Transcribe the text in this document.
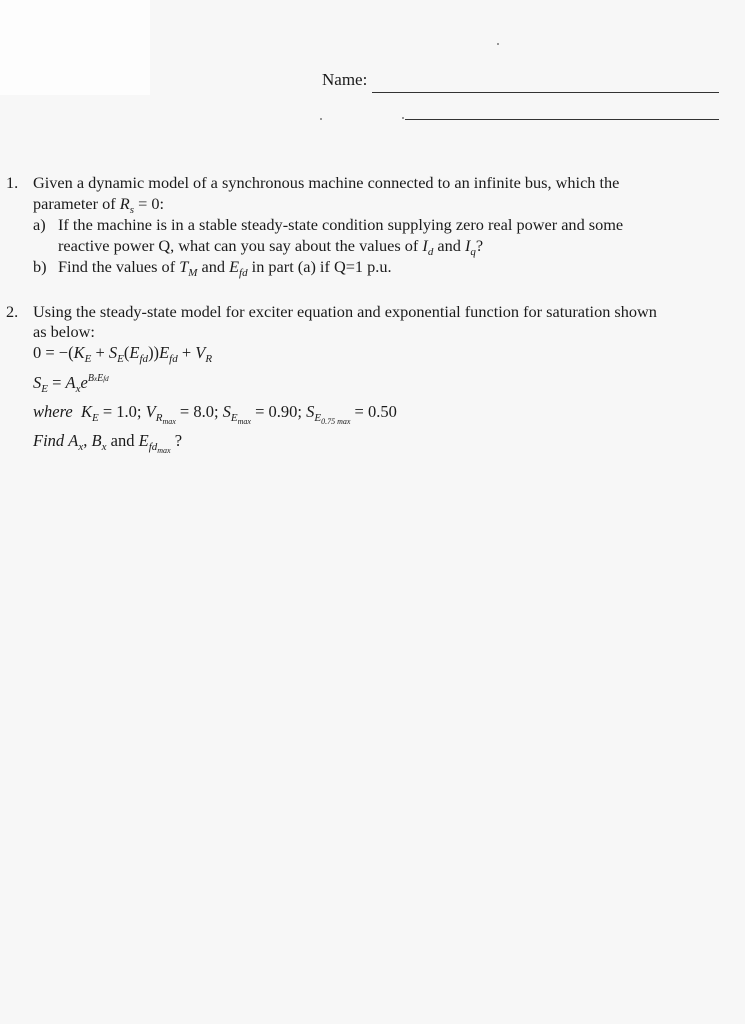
Name:
1. Given a dynamic model of a synchronous machine connected to an infinite bus, which the
parameter of $R_s = 0$:
a) If the machine is in a stable steady-state condition supplying zero real power and some
reactive power Q, what can you say about the values of $I_d$ and $I_q$?
b) Find the values of $T_M$ and $E_{fd}$ in part (a) if Q=1 p.u.
2. Using the steady-state model for exciter equation and exponential function for saturation shown
as below:
$0 = -(K_E + S_E(E_{fd}))E_{fd} + V_R$
$S_E = A_xe^{BxEfd}$
where $K_E = 1.0$; $V_{R_{max}} = 8.0$; $S_{E_{max}} = 0.90$; $S_{E_{0.75 max}} = 0.50$
Find $A_x$, $B_x$ and $E_{fd_{max}}$ ?
